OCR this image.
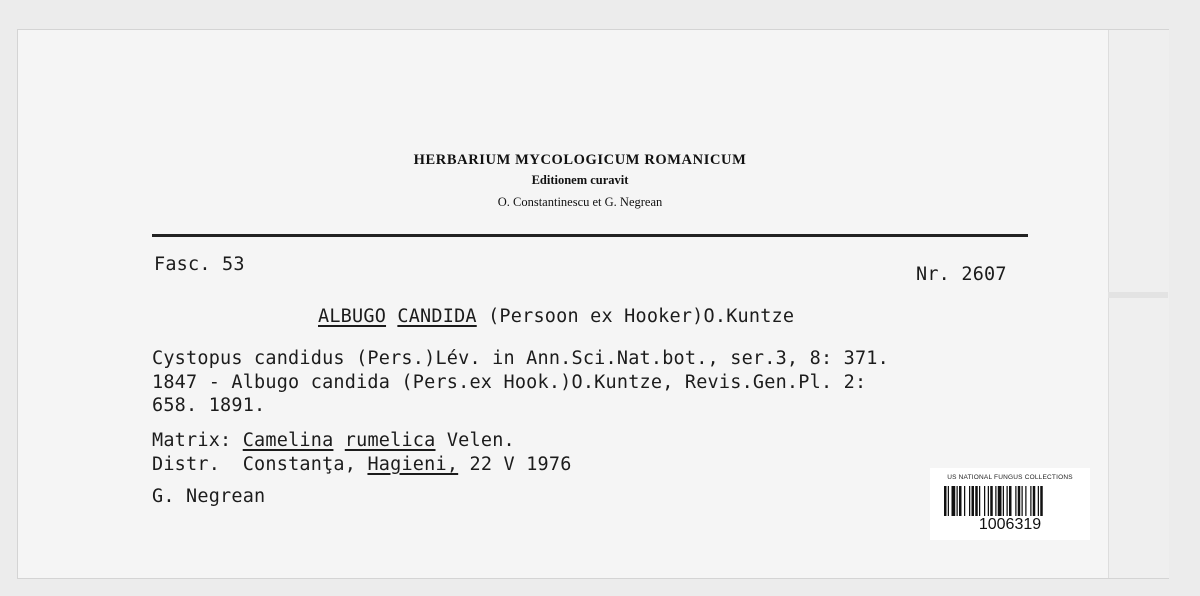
HERBARIUM MYCOLOGICUM ROMANICUM

Editionem curavit

O. Constantinescu et G. Negrean

Fasc. 53	Nr. 2607
ALBUGO CANDIDA (Persoon ex Hooker)O.Kuntze
Cystopus candidus (Pers.)Lév. in Ann.Sci.Nat.bot., ser.3, 8: 371.
1847 - Albugo candida (Pers.ex Hook.)O.Kuntze, Revis.Gen.Pl. 2:
658. 1891.
Matrix: Camelina rumelica Velen.
Distr. Constanţa, Hagieni, 22 V 1976
G. Negrean
US NATIONAL FUNGUS COLLECTIONS
1006319
